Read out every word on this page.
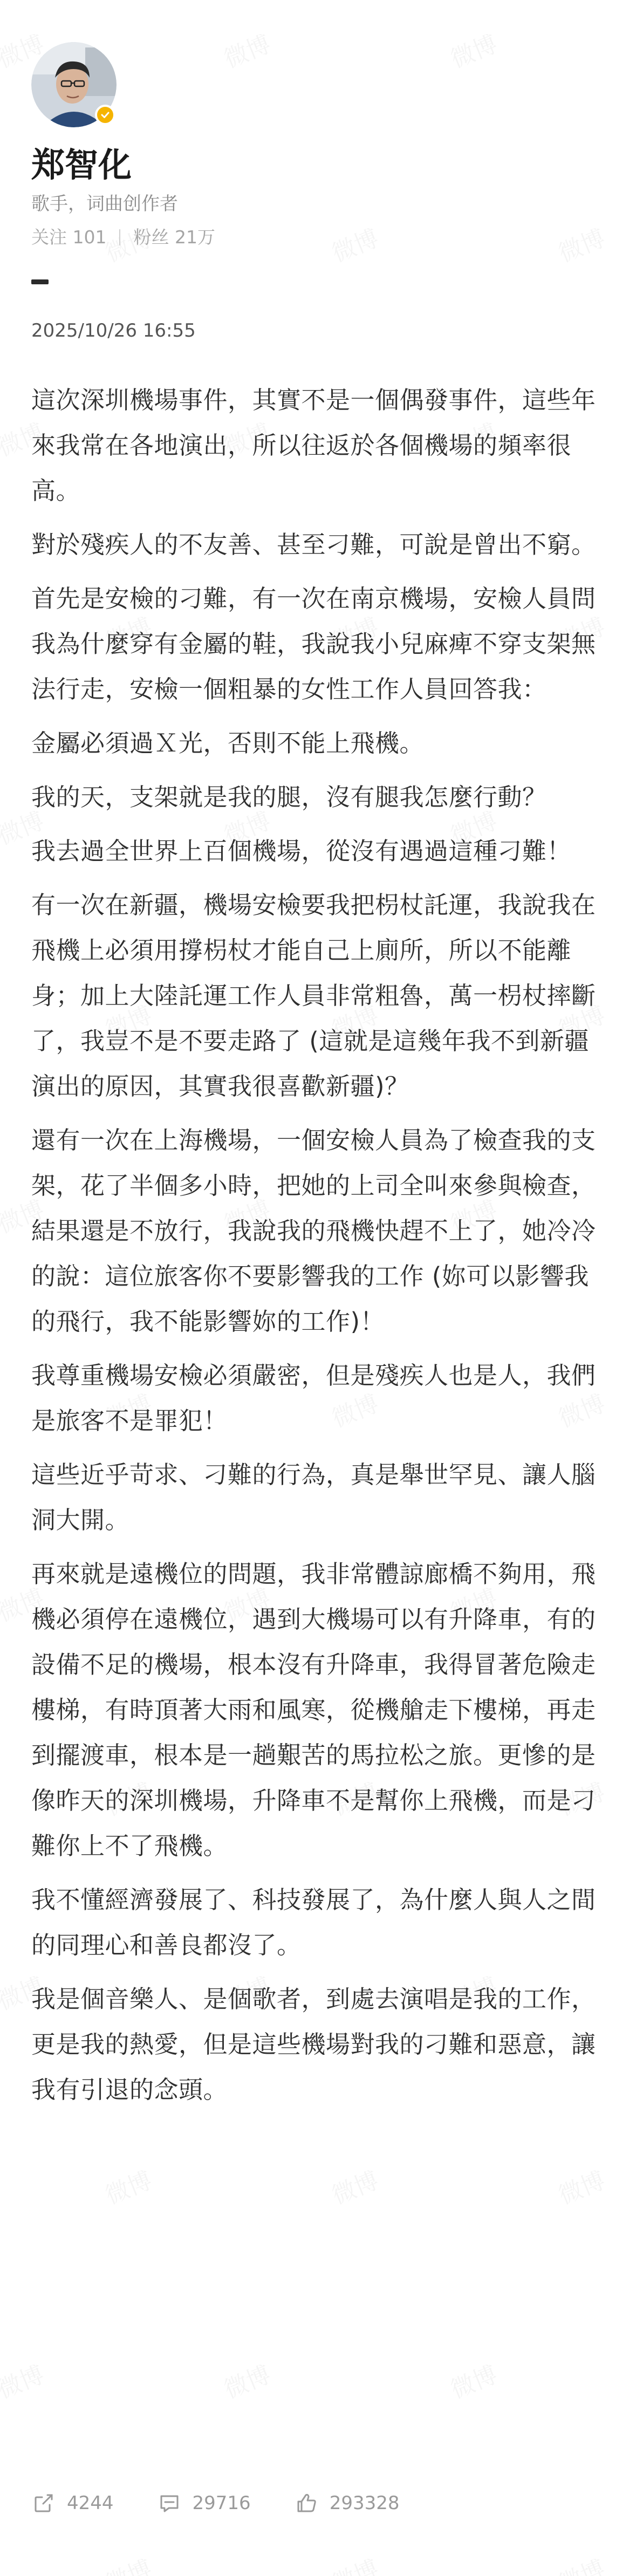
郑智化
歌手，词曲创作者
关注 101 粉丝 21万
2025/10/26 16:55

這次深圳機場事件，其實不是一個偶發事件，這些年來我常在各地演出，所以往返於各個機場的頻率很高。

對於殘疾人的不友善、甚至刁難，可說是曾出不窮。

首先是安檢的刁難，有一次在南京機場，安檢人員問我為什麼穿有金屬的鞋，我說我小兒麻痺不穿支架無法行走，安檢一個粗暴的女性工作人員回答我：

金屬必須過Ｘ光，否則不能上飛機。

我的天，支架就是我的腿，沒有腿我怎麼行動？

我去過全世界上百個機場，從沒有遇過這種刁難！

有一次在新疆，機場安檢要我把枴杖託運，我說我在飛機上必須用撐枴杖才能自己上廁所，所以不能離身；加上大陸託運工作人員非常粗魯，萬一枴杖摔斷了，我豈不是不要走路了 (這就是這幾年我不到新疆演出的原因，其實我很喜歡新疆)？

還有一次在上海機場，一個安檢人員為了檢查我的支架，花了半個多小時，把她的上司全叫來參與檢查，結果還是不放行，我說我的飛機快趕不上了，她冷冷的說：這位旅客你不要影響我的工作 (妳可以影響我的飛行，我不能影響妳的工作)！

我尊重機場安檢必須嚴密，但是殘疾人也是人，我們是旅客不是罪犯！

這些近乎苛求、刁難的行為，真是舉世罕見、讓人腦洞大開。

再來就是遠機位的問題，我非常體諒廊橋不夠用，飛機必須停在遠機位，遇到大機場可以有升降車，有的設備不足的機場，根本沒有升降車，我得冒著危險走樓梯，有時頂著大雨和風寒，從機艙走下樓梯，再走到擺渡車，根本是一趟艱苦的馬拉松之旅。更慘的是像昨天的深圳機場，升降車不是幫你上飛機，而是刁難你上不了飛機。

我不懂經濟發展了、科技發展了，為什麼人與人之間的同理心和善良都沒了。

我是個音樂人、是個歌者，到處去演唱是我的工作，更是我的熱愛，但是這些機場對我的刁難和惡意，讓我有引退的念頭。

4244	29716	293328
